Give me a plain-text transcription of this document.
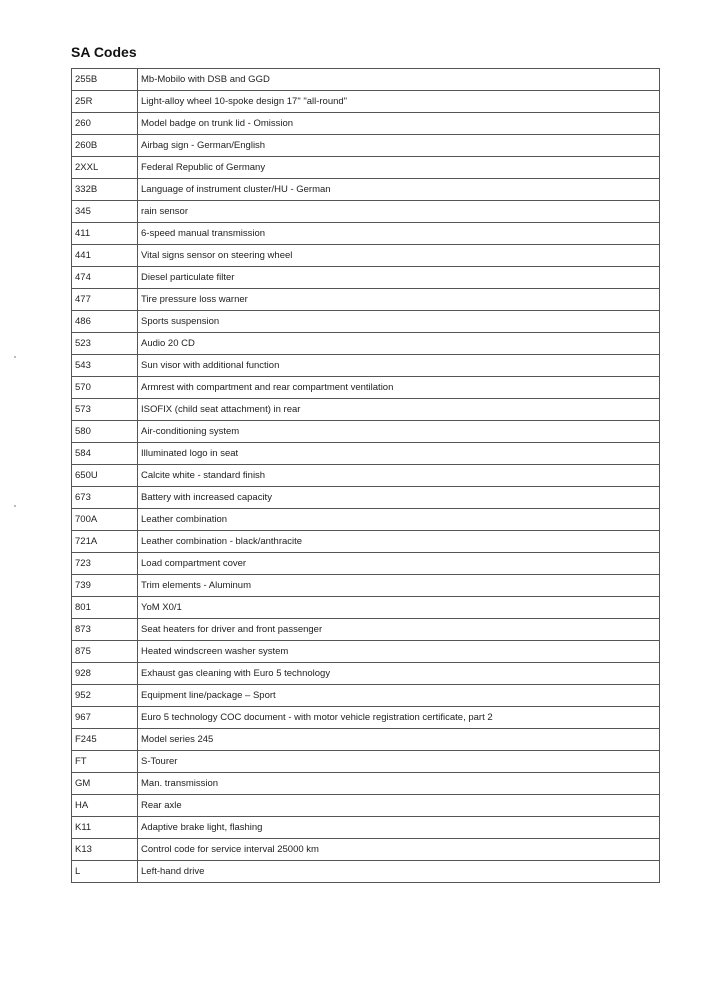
SA Codes
255B	Mb-Mobilo with DSB and GGD
25R	Light-alloy wheel 10-spoke design 17" "all-round"
260	Model badge on trunk lid - Omission
260B	Airbag sign - German/English
2XXL	Federal Republic of Germany
332B	Language of instrument cluster/HU - German
345	rain sensor
411	6-speed manual transmission
441	Vital signs sensor on steering wheel
474	Diesel particulate filter
477	Tire pressure loss warner
486	Sports suspension
523	Audio 20 CD
543	Sun visor with additional function
570	Armrest with compartment and rear compartment ventilation
573	ISOFIX (child seat attachment) in rear
580	Air-conditioning system
584	Illuminated logo in seat
650U	Calcite white - standard finish
673	Battery with increased capacity
700A	Leather combination
721A	Leather combination - black/anthracite
723	Load compartment cover
739	Trim elements - Aluminum
801	YoM X0/1
873	Seat heaters for driver and front passenger
875	Heated windscreen washer system
928	Exhaust gas cleaning with Euro 5 technology
952	Equipment line/package – Sport
967	Euro 5 technology COC document - with motor vehicle registration certificate, part 2
F245	Model series 245
FT	S-Tourer
GM	Man. transmission
HA	Rear axle
K11	Adaptive brake light, flashing
K13	Control code for service interval 25000 km
L	Left-hand drive
